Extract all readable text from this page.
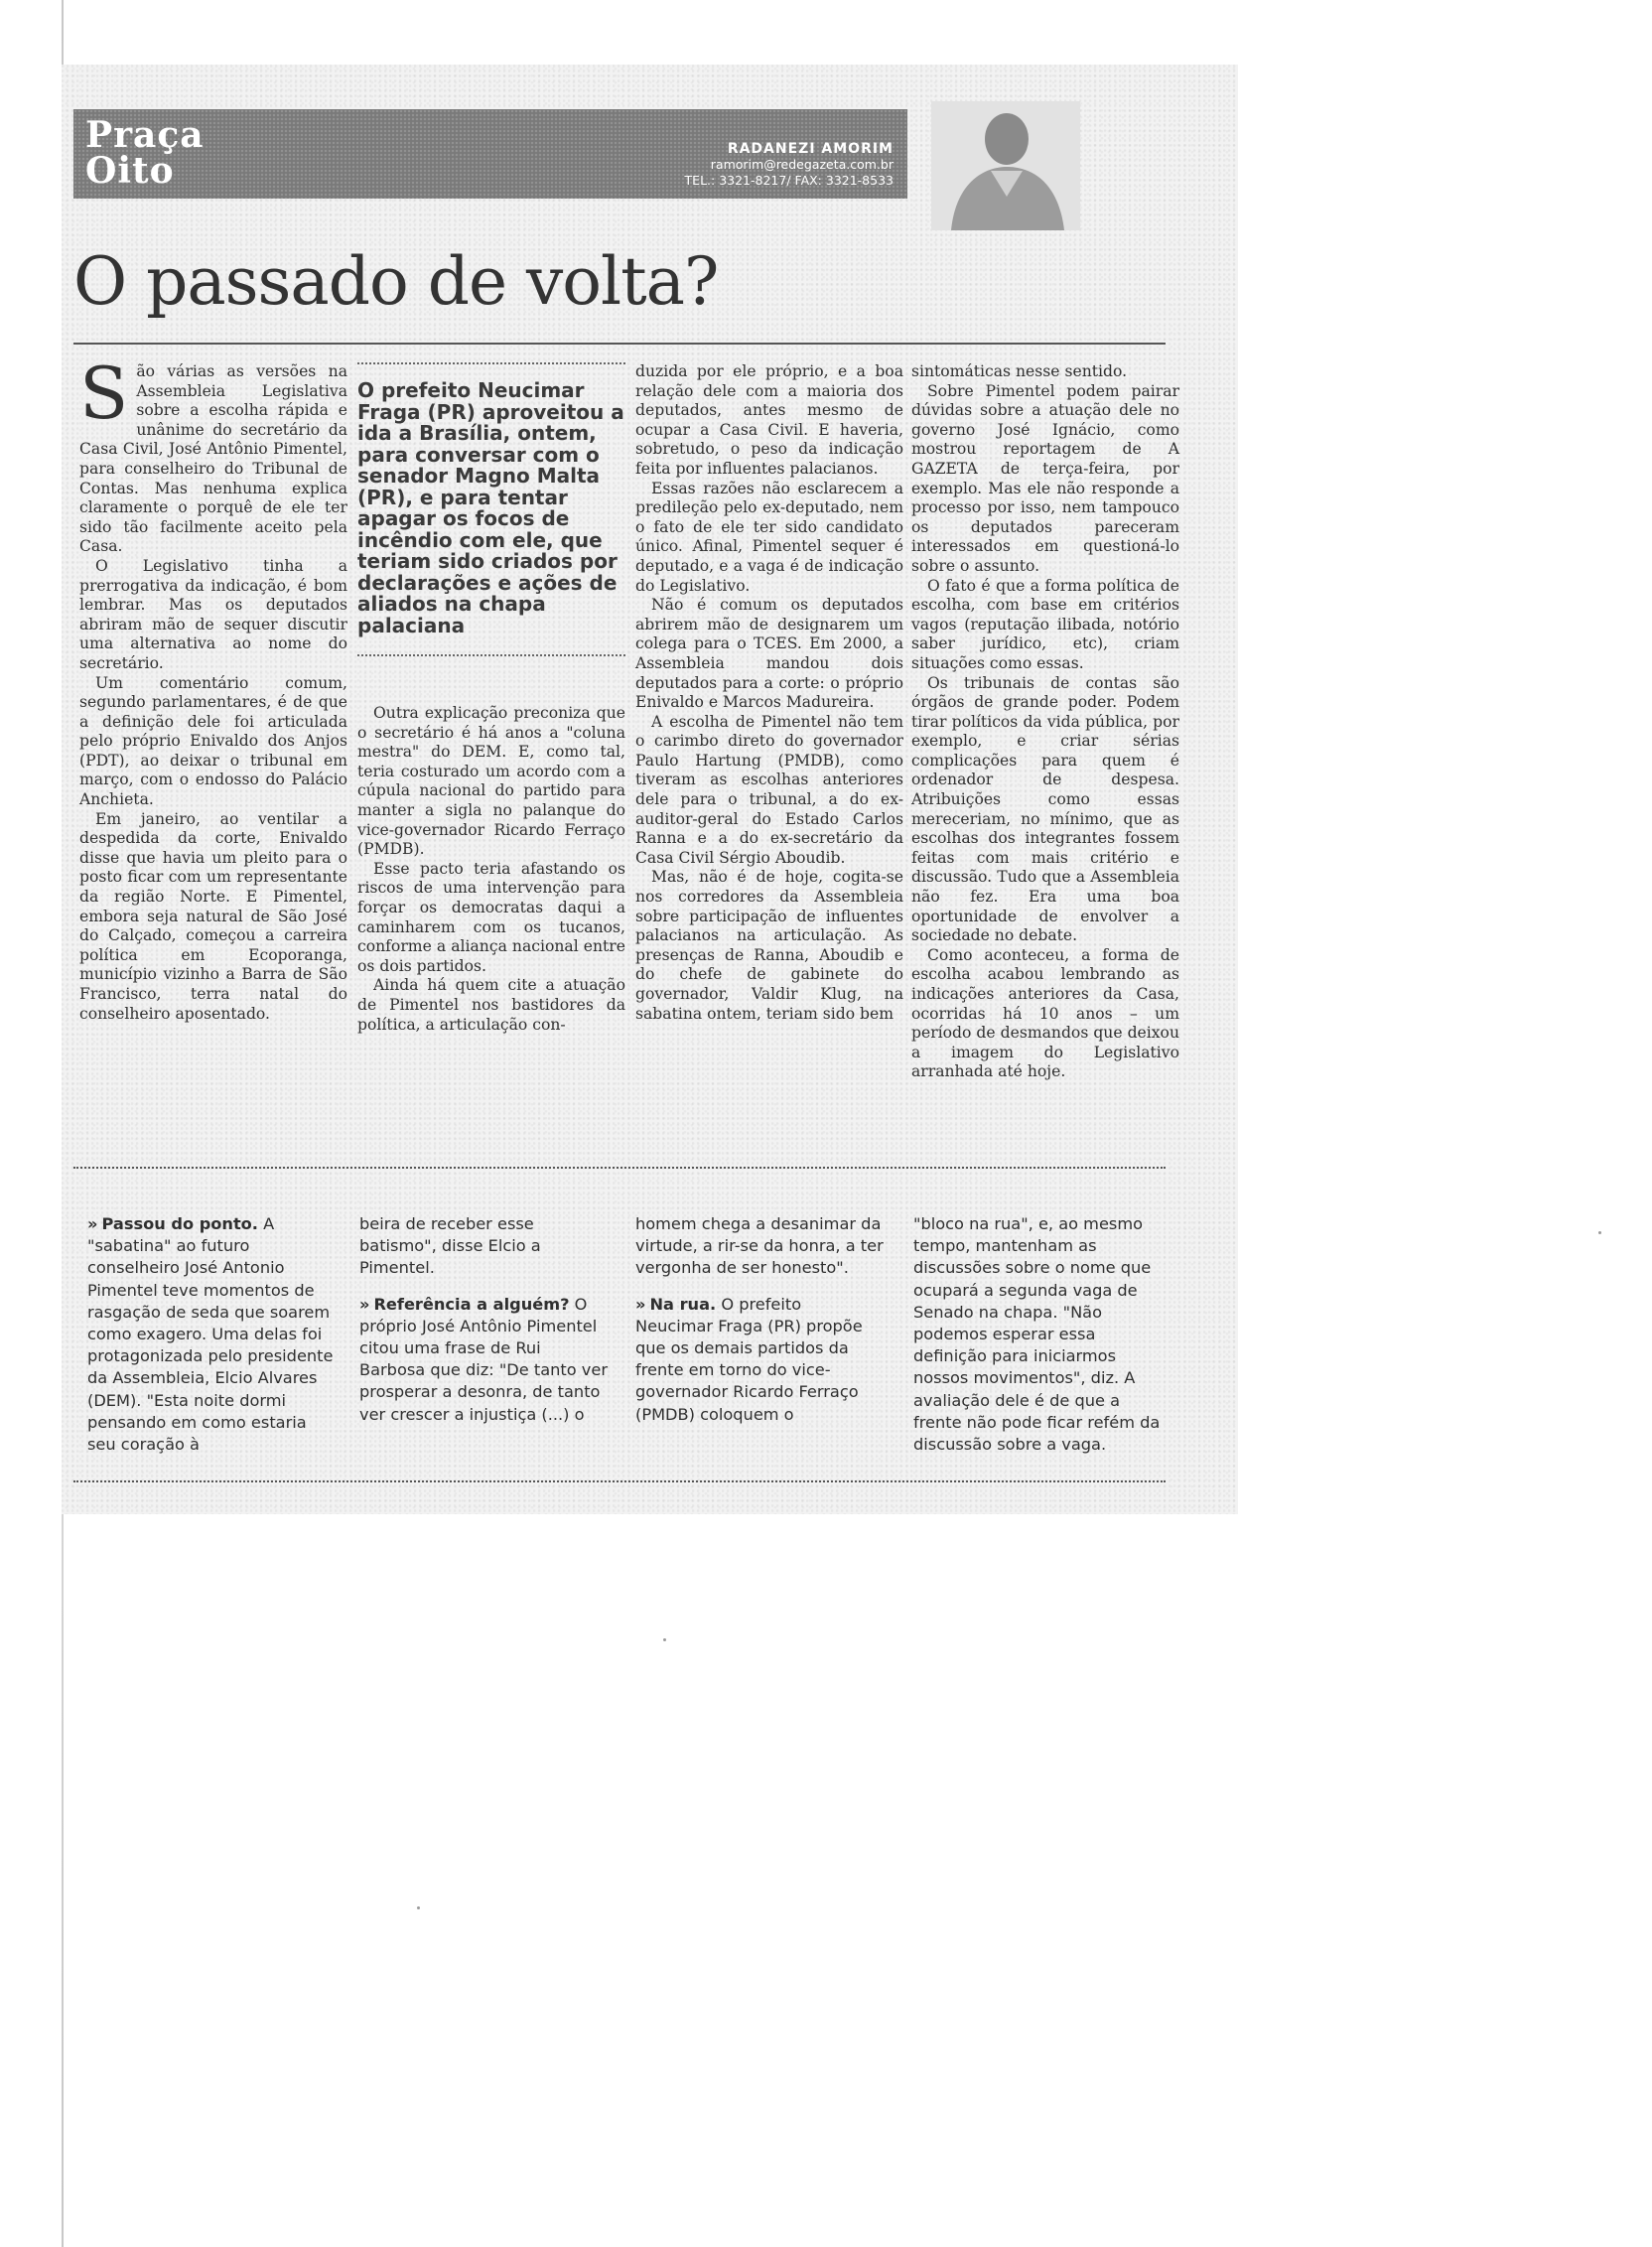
Praça
Oito
RADANEZI AMORIM
ramorim@redegazeta.com.br
TEL.: 3321-8217/ FAX: 3321-8533
O passado de volta?

São várias as versões na Assembleia Legislativa sobre a escolha rápida e unânime do secretário da Casa Civil, José Antônio Pimentel, para conselheiro do Tribunal de Contas. Mas nenhuma explica claramente o porquê de ele ter sido tão facilmente aceito pela Casa.

O Legislativo tinha a prerrogativa da indicação, é bom lembrar. Mas os deputados abriram mão de sequer discutir uma alternativa ao nome do secretário.

Um comentário comum, segundo parlamentares, é de que a definição dele foi articulada pelo próprio Enivaldo dos Anjos (PDT), ao deixar o tribunal em março, com o endosso do Palácio Anchieta.

Em janeiro, ao ventilar a despedida da corte, Enivaldo disse que havia um pleito para o posto ficar com um representante da região Norte. E Pimentel, embora seja natural de São José do Calçado, começou a carreira política em Ecoporanga, município vizinho a Barra de São Francisco, terra natal do conselheiro aposentado.

O prefeito Neucimar Fraga (PR) aproveitou a ida a Brasília, ontem, para conversar com o senador Magno Malta (PR), e para tentar apagar os focos de incêndio com ele, que teriam sido criados por declarações e ações de aliados na chapa palaciana

Outra explicação preconiza que o secretário é há anos a "coluna mestra" do DEM. E, como tal, teria costurado um acordo com a cúpula nacional do partido para manter a sigla no palanque do vice-governador Ricardo Ferraço (PMDB).

Esse pacto teria afastando os riscos de uma intervenção para forçar os democratas daqui a caminharem com os tucanos, conforme a aliança nacional entre os dois partidos.

Ainda há quem cite a atuação de Pimentel nos bastidores da política, a articulação con-

duzida por ele próprio, e a boa relação dele com a maioria dos deputados, antes mesmo de ocupar a Casa Civil. E haveria, sobretudo, o peso da indicação feita por influentes palacianos.

Essas razões não esclarecem a predileção pelo ex-deputado, nem o fato de ele ter sido candidato único. Afinal, Pimentel sequer é deputado, e a vaga é de indicação do Legislativo.

Não é comum os deputados abrirem mão de designarem um colega para o TCES. Em 2000, a Assembleia mandou dois deputados para a corte: o próprio Enivaldo e Marcos Madureira.

A escolha de Pimentel não tem o carimbo direto do governador Paulo Hartung (PMDB), como tiveram as escolhas anteriores dele para o tribunal, a do ex-auditor-geral do Estado Carlos Ranna e a do ex-secretário da Casa Civil Sérgio Aboudib.

Mas, não é de hoje, cogita-se nos corredores da Assembleia sobre participação de influentes palacianos na articulação. As presenças de Ranna, Aboudib e do chefe de gabinete do governador, Valdir Klug, na sabatina ontem, teriam sido bem

sintomáticas nesse sentido.

Sobre Pimentel podem pairar dúvidas sobre a atuação dele no governo José Ignácio, como mostrou reportagem de A GAZETA de terça-feira, por exemplo. Mas ele não responde a processo por isso, nem tampouco os deputados pareceram interessados em questioná-lo sobre o assunto.

O fato é que a forma política de escolha, com base em critérios vagos (reputação ilibada, notório saber jurídico, etc), criam situações como essas.

Os tribunais de contas são órgãos de grande poder. Podem tirar políticos da vida pública, por exemplo, e criar sérias complicações para quem é ordenador de despesa. Atribuições como essas mereceriam, no mínimo, que as escolhas dos integrantes fossem feitas com mais critério e discussão. Tudo que a Assembleia não fez. Era uma boa oportunidade de envolver a sociedade no debate.

Como aconteceu, a forma de escolha acabou lembrando as indicações anteriores da Casa, ocorridas há 10 anos – um período de desmandos que deixou a imagem do Legislativo arranhada até hoje.

» Passou do ponto. A "sabatina" ao futuro conselheiro José Antonio Pimentel teve momentos de rasgação de seda que soarem como exagero. Uma delas foi protagonizada pelo presidente da Assembleia, Elcio Alvares (DEM). "Esta noite dormi pensando em como estaria seu coração à

beira de receber esse batismo", disse Elcio a Pimentel.

» Referência a alguém? O próprio José Antônio Pimentel citou uma frase de Rui Barbosa que diz: "De tanto ver prosperar a desonra, de tanto ver crescer a injustiça (...) o

homem chega a desanimar da virtude, a rir-se da honra, a ter vergonha de ser honesto".

» Na rua. O prefeito Neucimar Fraga (PR) propõe que os demais partidos da frente em torno do vice-governador Ricardo Ferraço (PMDB) coloquem o

"bloco na rua", e, ao mesmo tempo, mantenham as discussões sobre o nome que ocupará a segunda vaga de Senado na chapa. "Não podemos esperar essa definição para iniciarmos nossos movimentos", diz. A avaliação dele é de que a frente não pode ficar refém da discussão sobre a vaga.
